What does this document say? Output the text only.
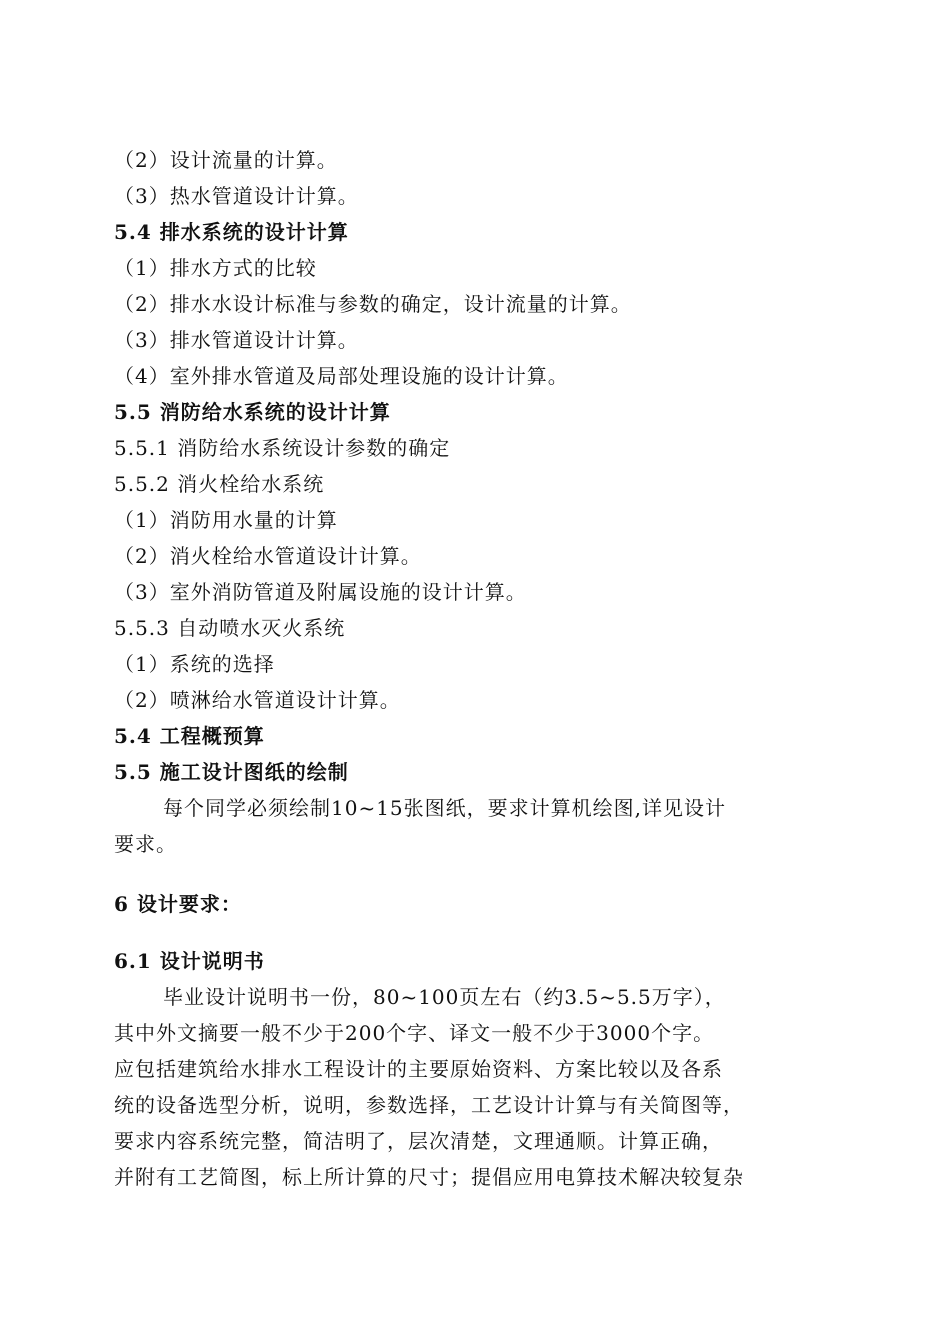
（2）设计流量的计算。
（3）热水管道设计计算。
5.4 排水系统的设计计算
（1）排水方式的比较
（2）排水水设计标准与参数的确定，设计流量的计算。
（3）排水管道设计计算。
（4）室外排水管道及局部处理设施的设计计算。
5.5 消防给水系统的设计计算
5.5.1 消防给水系统设计参数的确定
5.5.2 消火栓给水系统
（1）消防用水量的计算
（2）消火栓给水管道设计计算。
（3）室外消防管道及附属设施的设计计算。
5.5.3 自动喷水灭火系统
（1）系统的选择
（2）喷淋给水管道设计计算。
5.4 工程概预算
5.5 施工设计图纸的绘制
每个同学必须绘制10~15张图纸，要求计算机绘图,详见设计
要求。
6 设计要求：
6.1 设计说明书
毕业设计说明书一份，80~100页左右（约3.5~5.5万字），
其中外文摘要一般不少于200个字、译文一般不少于3000个字。
应包括建筑给水排水工程设计的主要原始资料、方案比较以及各系
统的设备选型分析，说明，参数选择，工艺设计计算与有关简图等，
要求内容系统完整，简洁明了，层次清楚，文理通顺。计算正确，
并附有工艺简图，标上所计算的尺寸；提倡应用电算技术解决较复杂
